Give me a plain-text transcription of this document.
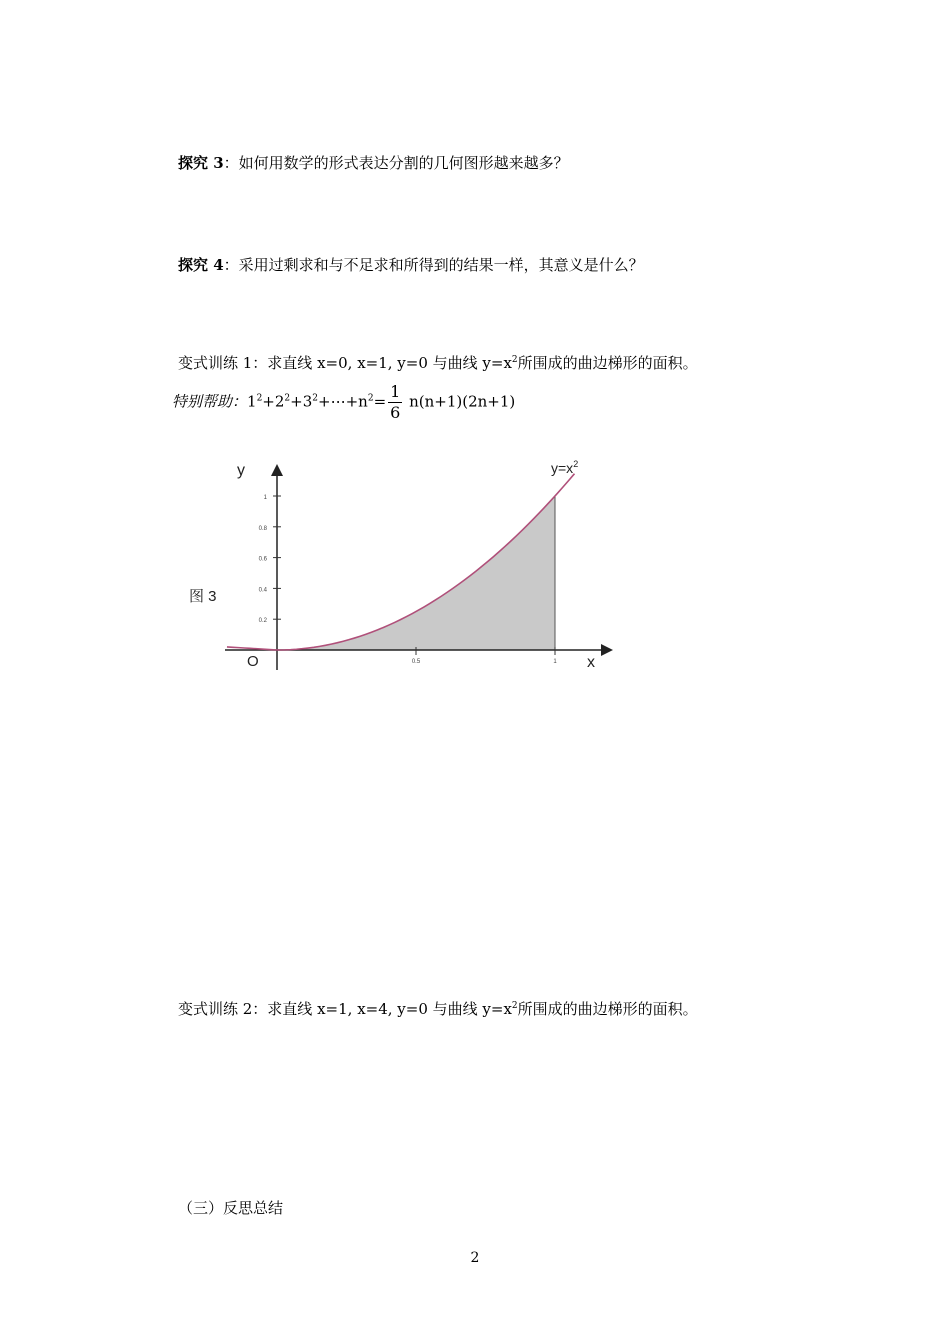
探究 3：如何用数学的形式表达分割的几何图形越来越多？
探究 4：采用过剩求和与不足求和所得到的结果一样，其意义是什么？
变式训练 1：求直线 x=0, x=1, y=0 与曲线 $y=x^2$所围成的曲边梯形的面积。
特别帮助：$1^2+2^2+3^2+\cdots+n^2= \frac{1}{6} n(n+1)(2n+1)$
0.2
0.4
0.6
0.8
1
0.5	1
y
x
O
图 3
$y=x^2$
变式训练 2：求直线 x=1, x=4, y=0 与曲线 $y=x^2$所围成的曲边梯形的面积。
（三）反思总结
2
